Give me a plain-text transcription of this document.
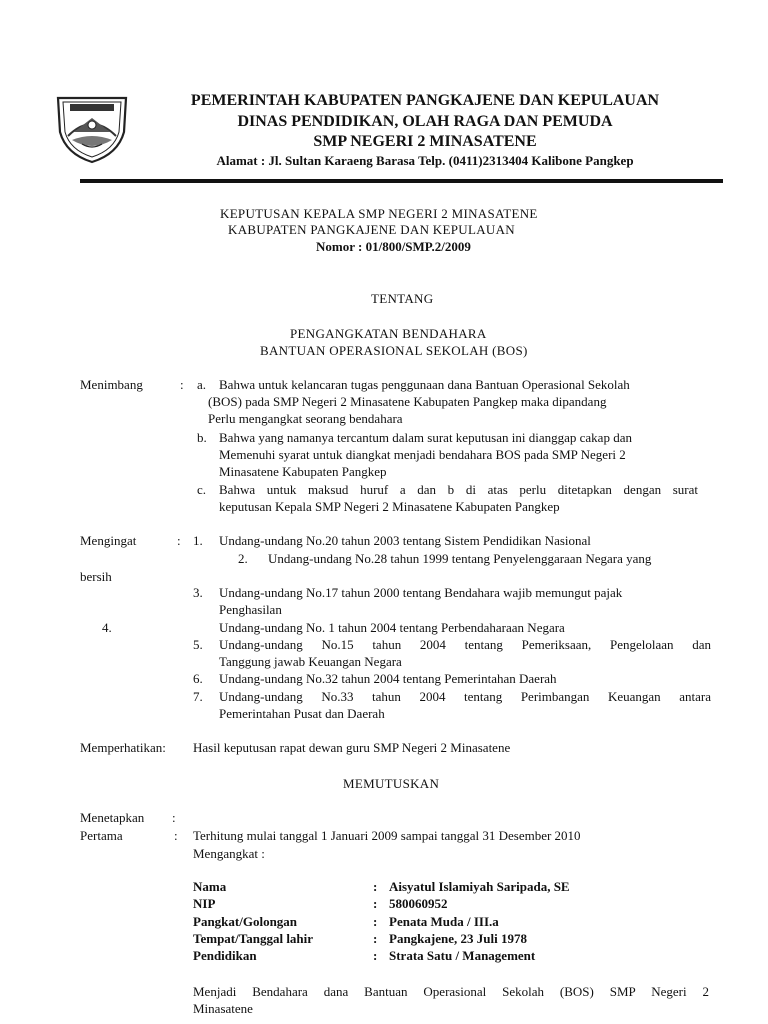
PEMERINTAH KABUPATEN PANGKAJENE DAN KEPULAUAN
DINAS PENDIDIKAN, OLAH RAGA DAN PEMUDA
SMP NEGERI 2 MINASATENE
Alamat : Jl. Sultan Karaeng Barasa Telp. (0411)2313404 Kalibone Pangkep
KEPUTUSAN KEPALA SMP NEGERI 2 MINASATENE
KABUPATEN PANGKAJENE DAN KEPULAUAN
Nomor : 01/800/SMP.2/2009
TENTANG
PENGANGKATAN BENDAHARA
BANTUAN OPERASIONAL SEKOLAH (BOS)
Menimbang	: a. Bahwa untuk kelancaran tugas penggunaan dana Bantuan Operasional Sekolah
(BOS) pada SMP Negeri 2 Minasatene Kabupaten Pangkep maka dipandang
Perlu mengangkat seorang bendahara
b. Bahwa yang namanya tercantum dalam surat keputusan ini dianggap cakap dan
Memenuhi syarat untuk diangkat menjadi bendahara BOS pada SMP Negeri 2
Minasatene Kabupaten Pangkep
c. Bahwa untuk maksud huruf a dan b di atas perlu ditetapkan dengan surat
keputusan Kepala SMP Negeri 2 Minasatene Kabupaten Pangkep
Mengingat	: 1. Undang-undang No.20 tahun 2003 tentang Sistem Pendidikan Nasional
2. Undang-undang No.28 tahun 1999 tentang Penyelenggaraan Negara yang
bersih
3. Undang-undang No.17 tahun 2000 tentang Bendahara wajib memungut pajak
Penghasilan
4.	Undang-undang No. 1 tahun 2004 tentang Perbendaharaan Negara
5. Undang-undang No.15 tahun 2004 tentang Pemeriksaan, Pengelolaan dan
Tanggung jawab Keuangan Negara
6. Undang-undang No.32 tahun 2004 tentang Pemerintahan Daerah
7. Undang-undang No.33 tahun 2004 tentang Perimbangan Keuangan antara
Pemerintahan Pusat dan Daerah
Memperhatikan: Hasil keputusan rapat dewan guru SMP Negeri 2 Minasatene
MEMUTUSKAN
Menetapkan :
Pertama	: Terhitung mulai tanggal 1 Januari 2009 sampai tanggal 31 Desember 2010
Mengangkat :
Nama	: Aisyatul Islamiyah Saripada, SE
NIP	: 580060952
Pangkat/Golongan	: Penata Muda / III.a
Tempat/Tanggal lahir	: Pangkajene, 23 Juli 1978
Pendidikan	: Strata Satu / Management
Menjadi Bendahara dana Bantuan Operasional Sekolah (BOS) SMP Negeri 2
Minasatene
